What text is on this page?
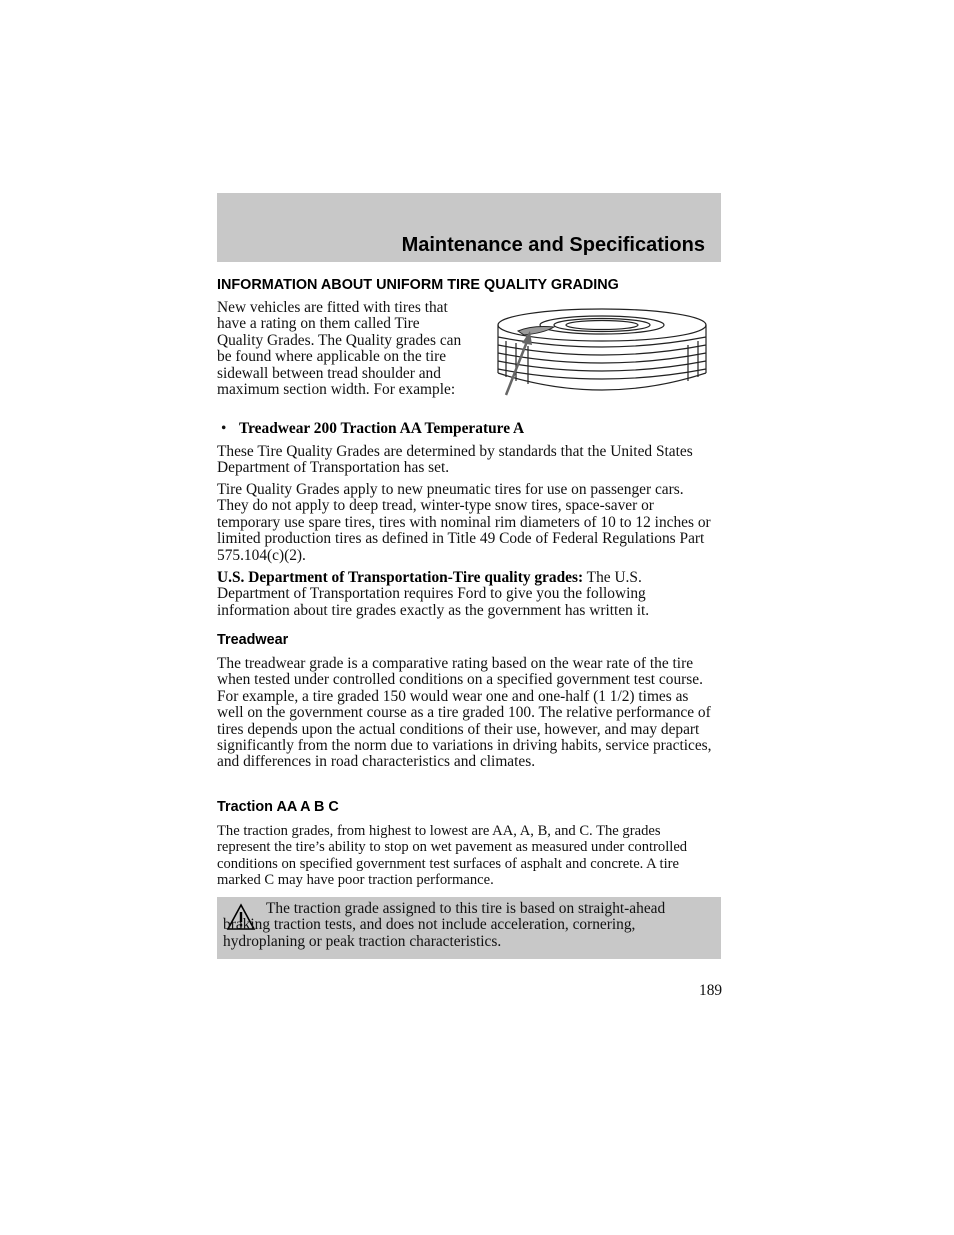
Maintenance and Specifications
INFORMATION ABOUT UNIFORM TIRE QUALITY GRADING

New vehicles are fitted with tires that have a rating on them called Tire Quality Grades. The Quality grades can be found where applicable on the tire sidewall between tread shoulder and maximum section width. For example:

• Treadwear 200 Traction AA Temperature A

These Tire Quality Grades are determined by standards that the United States Department of Transportation has set.

Tire Quality Grades apply to new pneumatic tires for use on passenger cars. They do not apply to deep tread, winter-type snow tires, space-saver or temporary use spare tires, tires with nominal rim diameters of 10 to 12 inches or limited production tires as defined in Title 49 Code of Federal Regulations Part 575.104(c)(2).

U.S. Department of Transportation-Tire quality grades: The U.S. Department of Transportation requires Ford to give you the following information about tire grades exactly as the government has written it.

Treadwear

The treadwear grade is a comparative rating based on the wear rate of the tire when tested under controlled conditions on a specified government test course. For example, a tire graded 150 would wear one and one-half (1 1/2) times as well on the government course as a tire graded 100. The relative performance of tires depends upon the actual conditions of their use, however, and may depart significantly from the norm due to variations in driving habits, service practices, and differences in road characteristics and climates.

Traction AA A B C

The traction grades, from highest to lowest are AA, A, B, and C. The grades represent the tire’s ability to stop on wet pavement as measured under controlled conditions on specified government test surfaces of asphalt and concrete. A tire marked C may have poor traction performance.

The traction grade assigned to this tire is based on straight-ahead braking traction tests, and does not include acceleration, cornering, hydroplaning or peak traction characteristics.
189
